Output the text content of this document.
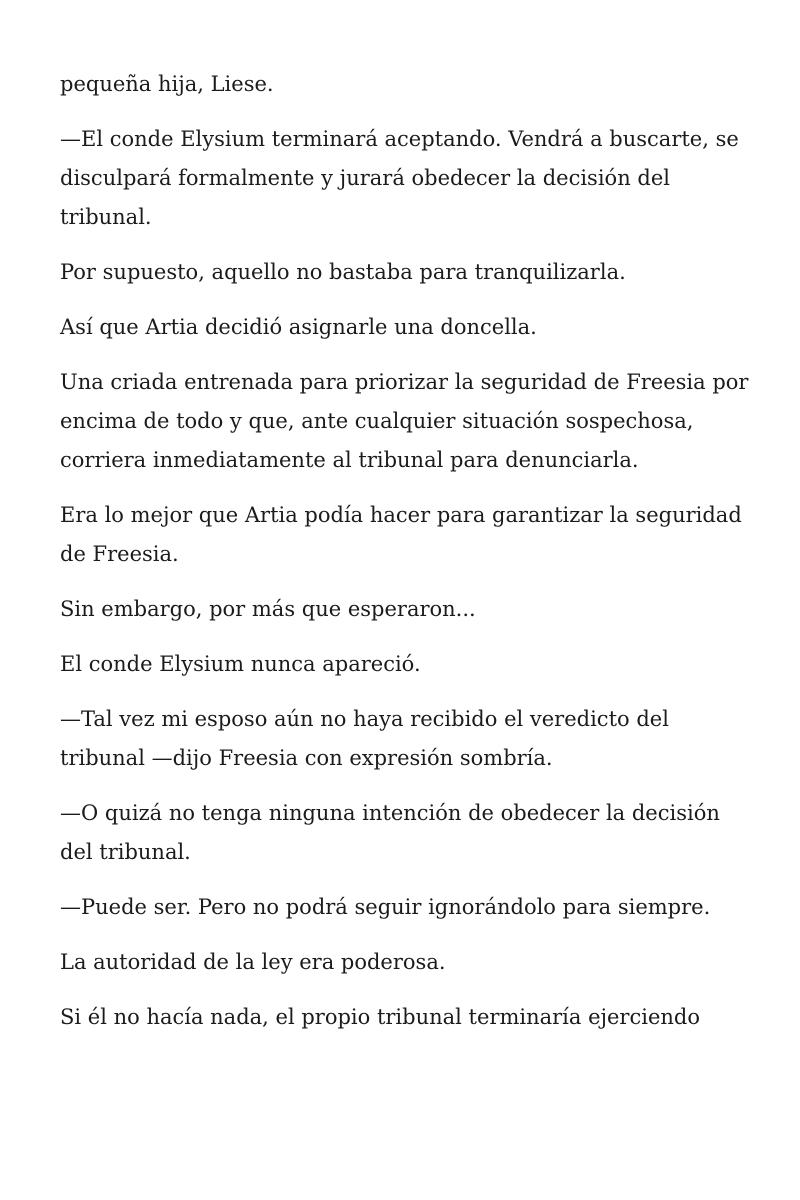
pequeña hija, Liese.

—El conde Elysium terminará aceptando. Vendrá a buscarte, se disculpará formalmente y jurará obedecer la decisión del tribunal.

Por supuesto, aquello no bastaba para tranquilizarla.

Así que Artia decidió asignarle una doncella.

Una criada entrenada para priorizar la seguridad de Freesia por encima de todo y que, ante cualquier situación sospechosa, corriera inmediatamente al tribunal para denunciarla.

Era lo mejor que Artia podía hacer para garantizar la seguridad de Freesia.

Sin embargo, por más que esperaron...

El conde Elysium nunca apareció.

—Tal vez mi esposo aún no haya recibido el veredicto del tribunal —dijo Freesia con expresión sombría.

—O quizá no tenga ninguna intención de obedecer la decisión del tribunal.

—Puede ser. Pero no podrá seguir ignorándolo para siempre.

La autoridad de la ley era poderosa.

Si él no hacía nada, el propio tribunal terminaría ejerciendo
